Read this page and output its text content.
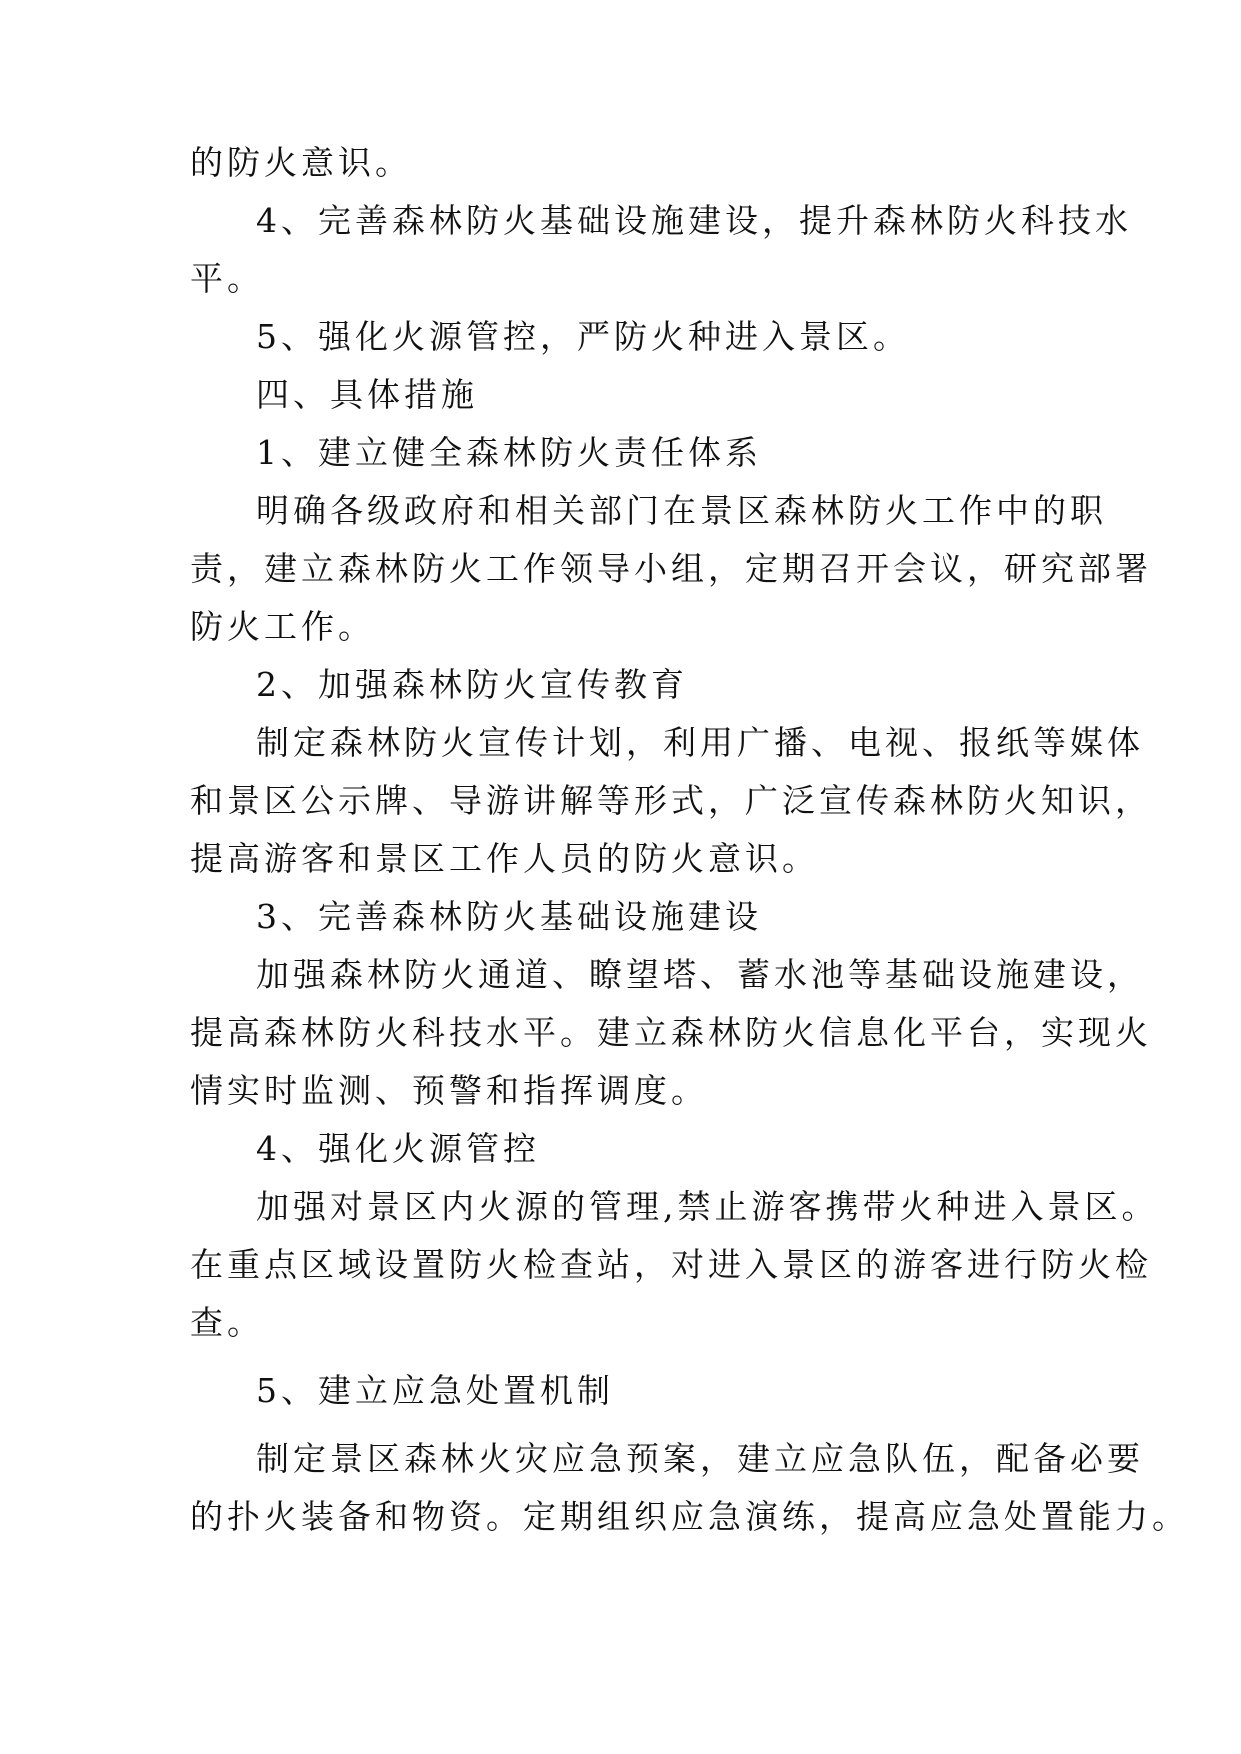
的防火意识。
4、完善森林防火基础设施建设，提升森林防火科技水
平。
5、强化火源管控，严防火种进入景区。
四、具体措施
1、建立健全森林防火责任体系
明确各级政府和相关部门在景区森林防火工作中的职
责，建立森林防火工作领导小组，定期召开会议，研究部署
防火工作。
2、加强森林防火宣传教育
制定森林防火宣传计划，利用广播、电视、报纸等媒体
和景区公示牌、导游讲解等形式，广泛宣传森林防火知识，
提高游客和景区工作人员的防火意识。
3、完善森林防火基础设施建设
加强森林防火通道、瞭望塔、蓄水池等基础设施建设，
提高森林防火科技水平。建立森林防火信息化平台，实现火
情实时监测、预警和指挥调度。
4、强化火源管控
加强对景区内火源的管理,禁止游客携带火种进入景区。
在重点区域设置防火检查站，对进入景区的游客进行防火检
查。
5、建立应急处置机制
制定景区森林火灾应急预案，建立应急队伍，配备必要
的扑火装备和物资。定期组织应急演练，提高应急处置能力。
